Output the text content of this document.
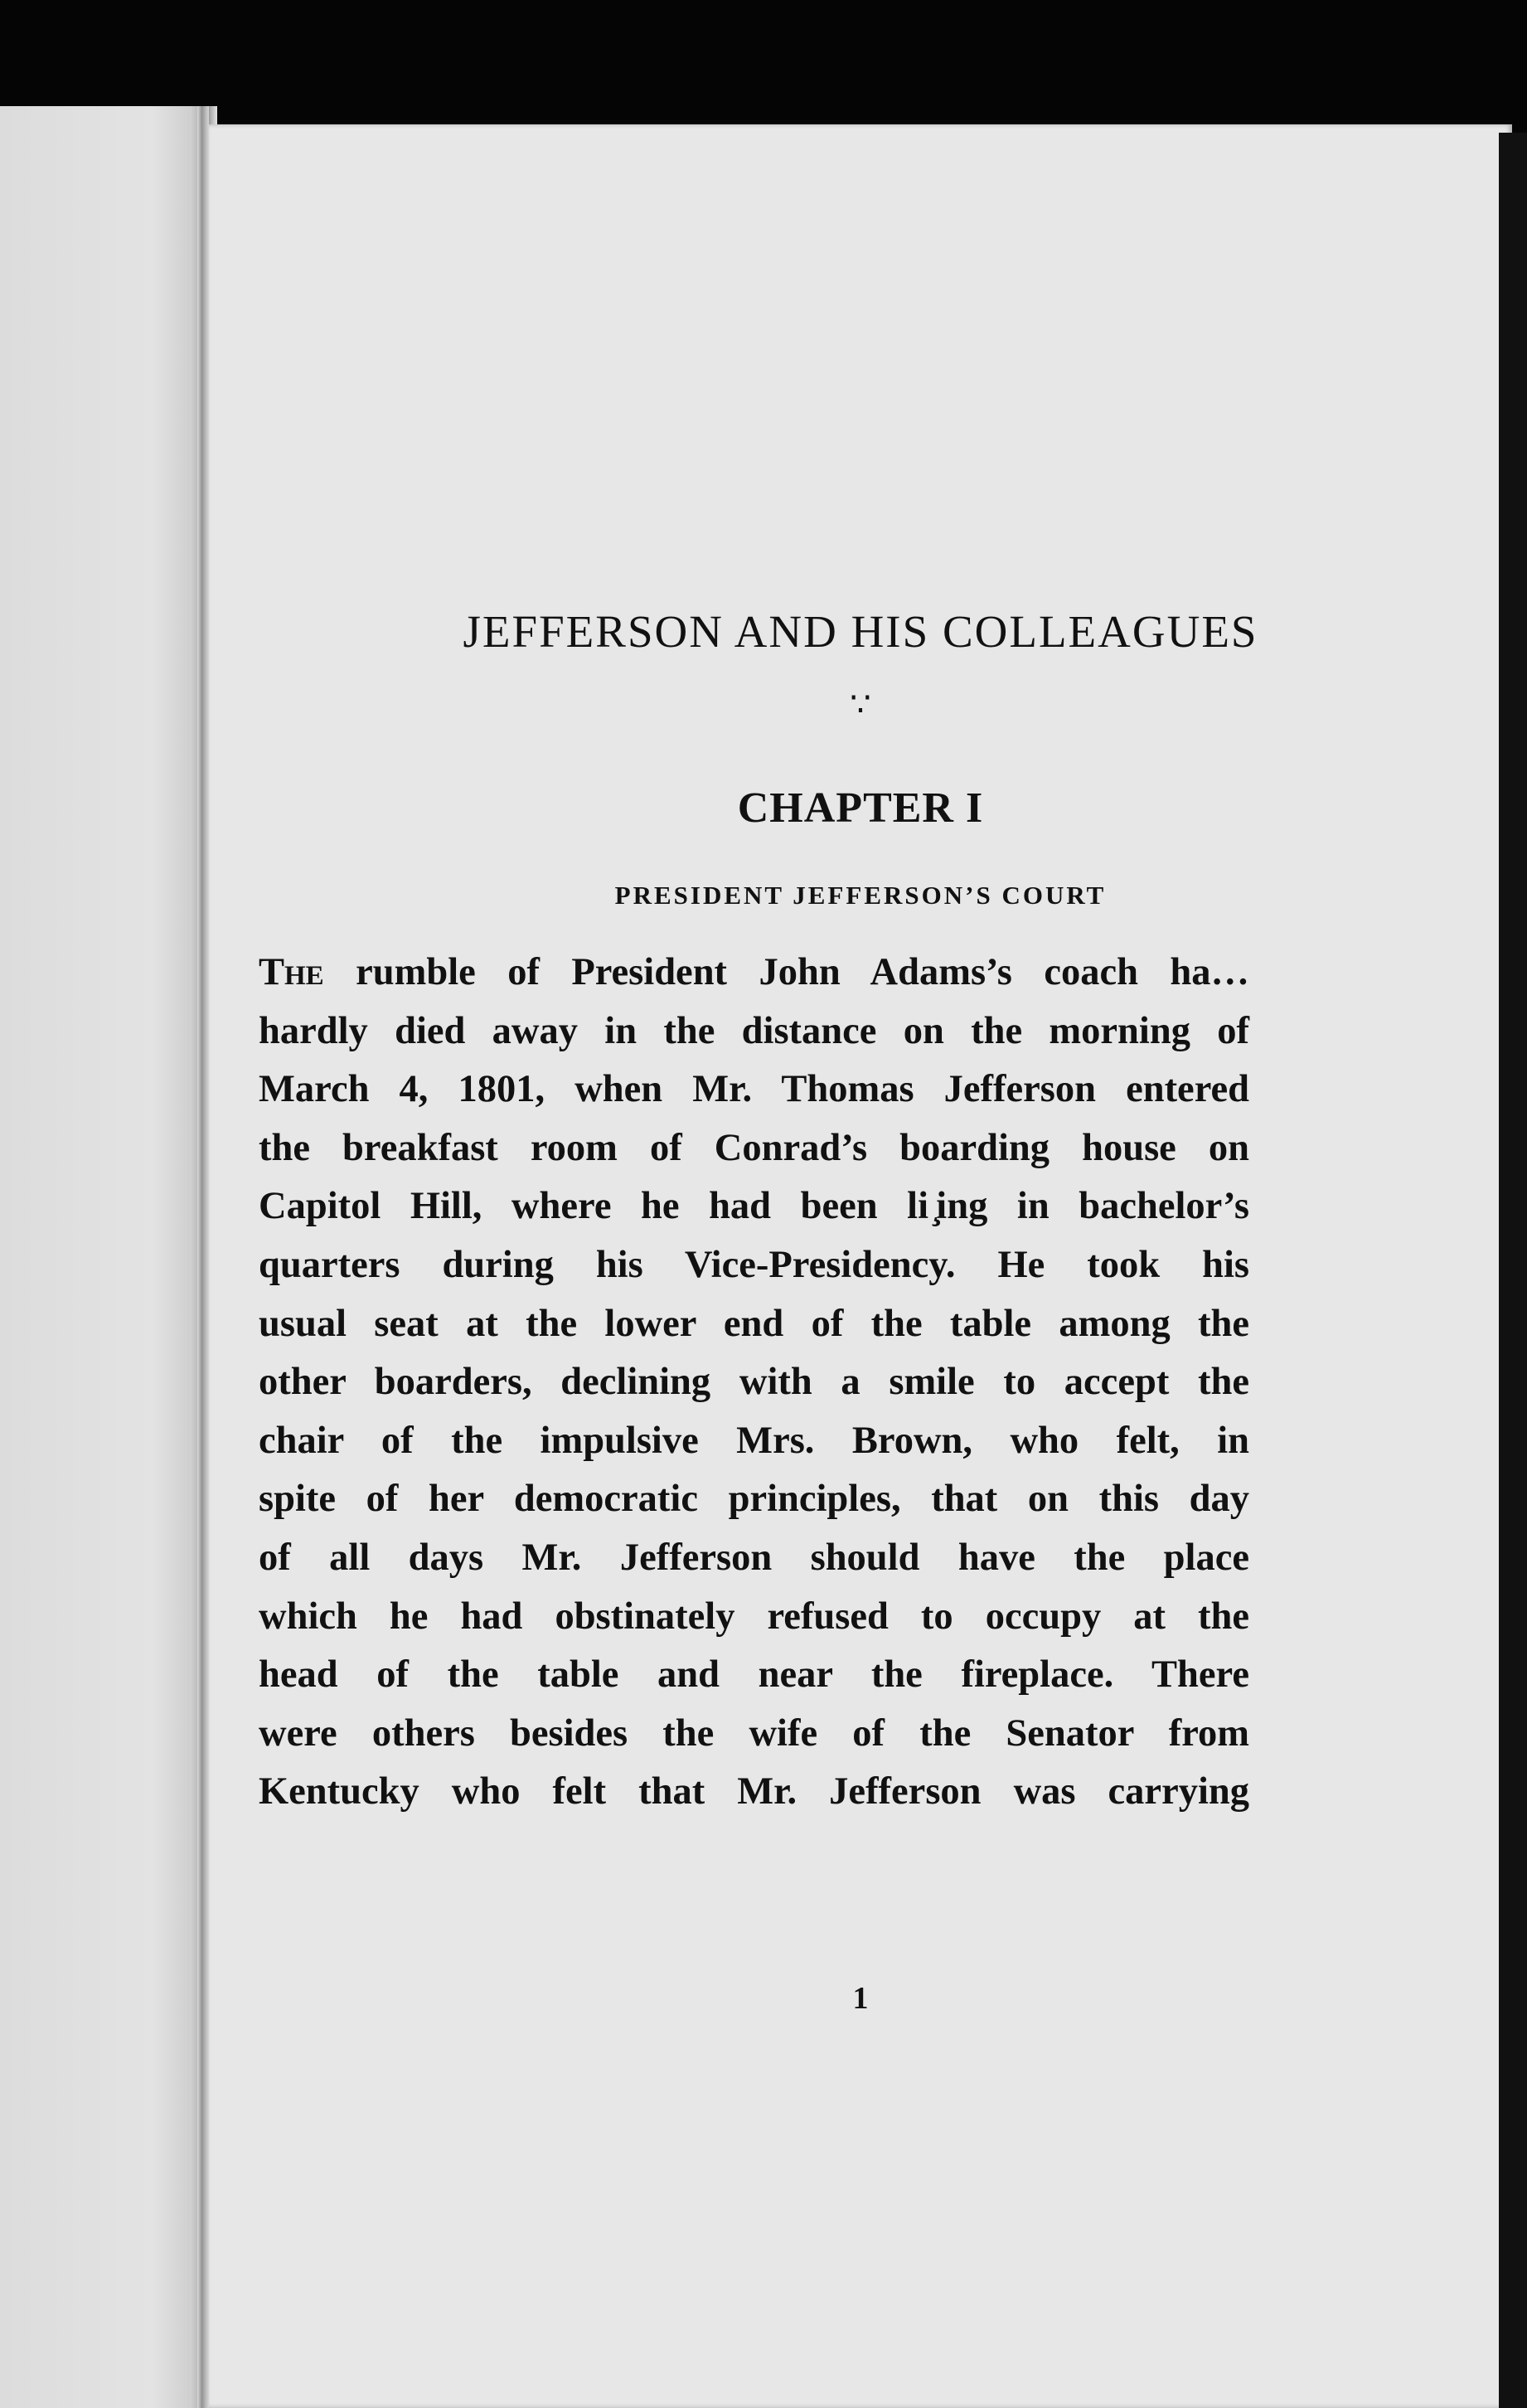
JEFFERSON AND HIS COLLEAGUES
∵
CHAPTER I
PRESIDENT JEFFERSON’S COURT

The rumble of President John Adams’s coach ha…
hardly died away in the distance on the morning of
March 4, 1801, when Mr. Thomas Jefferson entered
the breakfast room of Conrad’s boarding house on
Capitol Hill, where he had been li ̧ing in bachelor’s
quarters during his Vice-Presidency. He took his
usual seat at the lower end of the table among the
other boarders, declining with a smile to accept the
chair of the impulsive Mrs. Brown, who felt, in
spite of her democratic principles, that on this day
of all days Mr. Jefferson should have the place
which he had obstinately refused to occupy at the
head of the table and near the fireplace. There
were others besides the wife of the Senator from
Kentucky who felt that Mr. Jefferson was carrying

1
